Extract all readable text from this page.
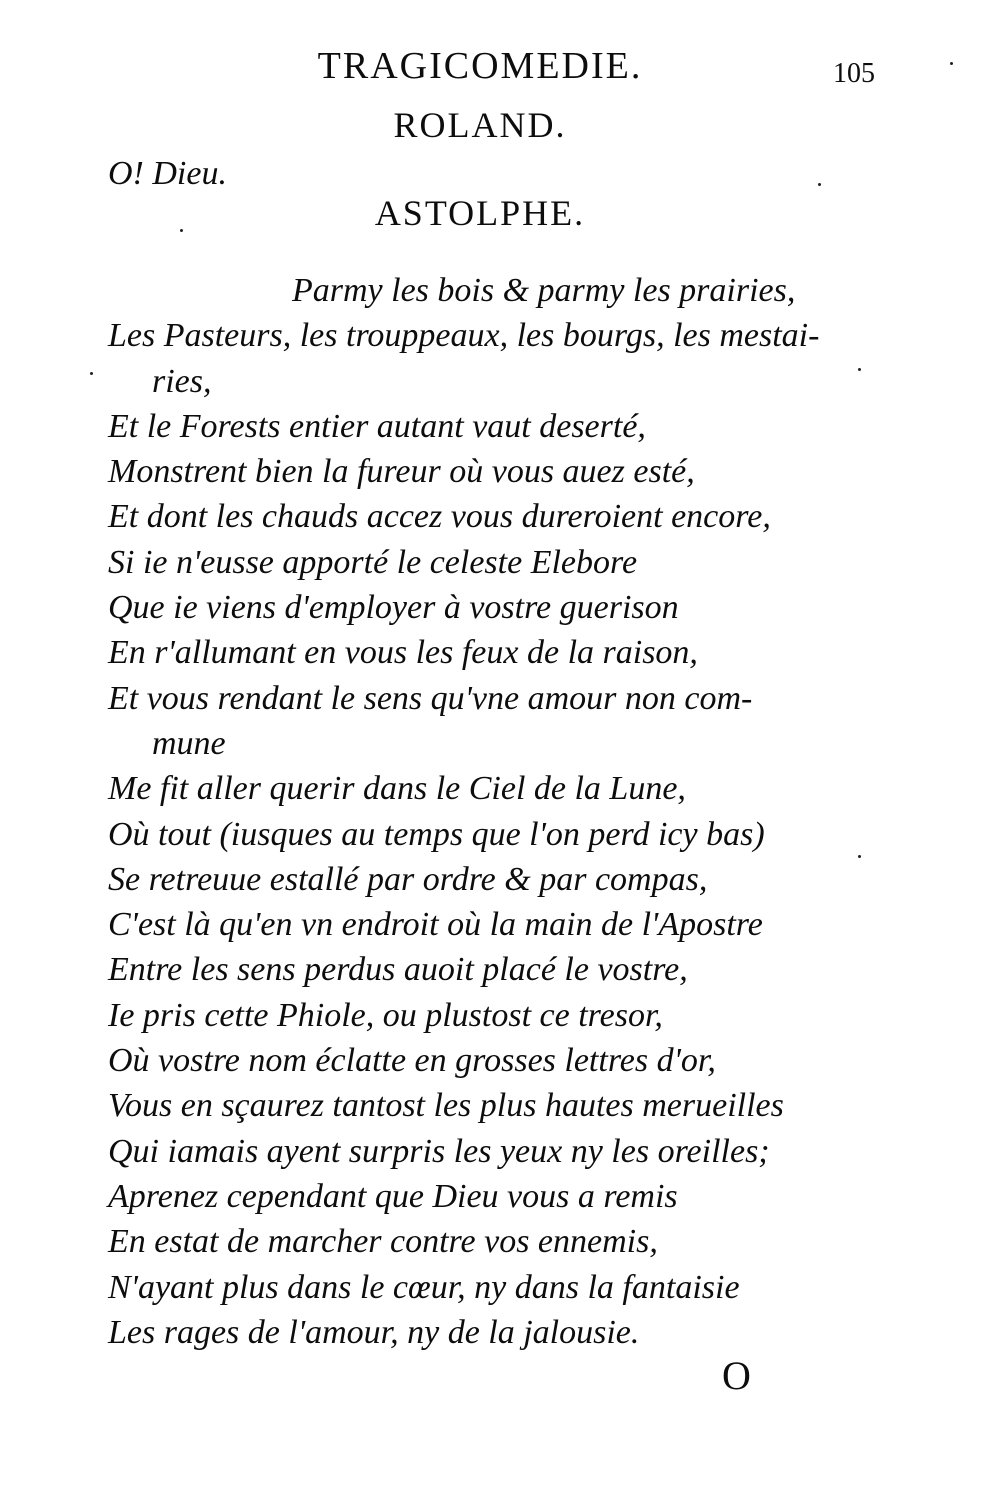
TRAGICOMEDIE.	105
ROLAND.
O! Dieu.
ASTOLPHE.
Parmy les bois & parmy les prairies,
Les Pasteurs, les trouppeaux, les bourgs, les mestai-
ries,
Et le Forests entier autant vaut deserté,
Monstrent bien la fureur où vous auez esté,
Et dont les chauds accez vous dureroient encore,
Si ie n'eusse apporté le celeste Elebore
Que ie viens d'employer à vostre guerison
En r'allumant en vous les feux de la raison,
Et vous rendant le sens qu'vne amour non com-
mune
Me fit aller querir dans le Ciel de la Lune,
Où tout (iusques au temps que l'on perd icy bas)
Se retreuue estallé par ordre & par compas,
C'est là qu'en vn endroit où la main de l'Apostre
Entre les sens perdus auoit placé le vostre,
Ie pris cette Phiole, ou plustost ce tresor,
Où vostre nom éclatte en grosses lettres d'or,
Vous en sçaurez tantost les plus hautes merueilles
Qui iamais ayent surpris les yeux ny les oreilles;
Aprenez cependant que Dieu vous a remis
En estat de marcher contre vos ennemis,
N'ayant plus dans le cœur, ny dans la fantaisie
Les rages de l'amour, ny de la jalousie.
O
